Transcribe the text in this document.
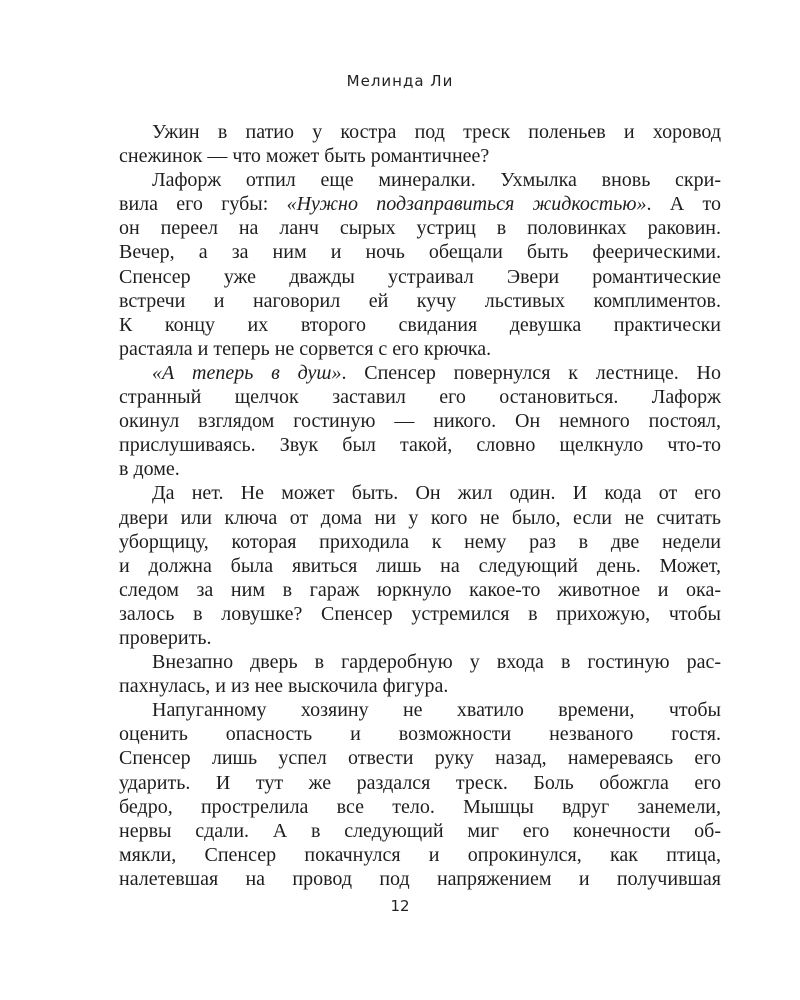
Мелинда Ли
Ужин в патио у костра под треск поленьев и хоровод
снежинок — что может быть романтичнее?
Лафорж отпил еще минералки. Ухмылка вновь скри-
вила его губы: «Нужно подзаправиться жидкостью». А то
он переел на ланч сырых устриц в половинках раковин.
Вечер, а за ним и ночь обещали быть феерическими.
Спенсер уже дважды устраивал Эвери романтические
встречи и наговорил ей кучу льстивых комплиментов.
К концу их второго свидания девушка практически
растаяла и теперь не сорвется с его крючка.
«А теперь в душ». Спенсер повернулся к лестнице. Но
странный щелчок заставил его остановиться. Лафорж
окинул взглядом гостиную — никого. Он немного постоял,
прислушиваясь. Звук был такой, словно щелкнуло что-то
в доме.
Да нет. Не может быть. Он жил один. И кода от его
двери или ключа от дома ни у кого не было, если не считать
уборщицу, которая приходила к нему раз в две недели
и должна была явиться лишь на следующий день. Может,
следом за ним в гараж юркнуло какое-то животное и ока-
залось в ловушке? Спенсер устремился в прихожую, чтобы
проверить.
Внезапно дверь в гардеробную у входа в гостиную рас-
пахнулась, и из нее выскочила фигура.
Напуганному хозяину не хватило времени, чтобы
оценить опасность и возможности незваного гостя.
Спенсер лишь успел отвести руку назад, намереваясь его
ударить. И тут же раздался треск. Боль обожгла его
бедро, прострелила все тело. Мышцы вдруг занемели,
нервы сдали. А в следующий миг его конечности об-
мякли, Спенсер покачнулся и опрокинулся, как птица,
налетевшая на провод под напряжением и получившая
12
